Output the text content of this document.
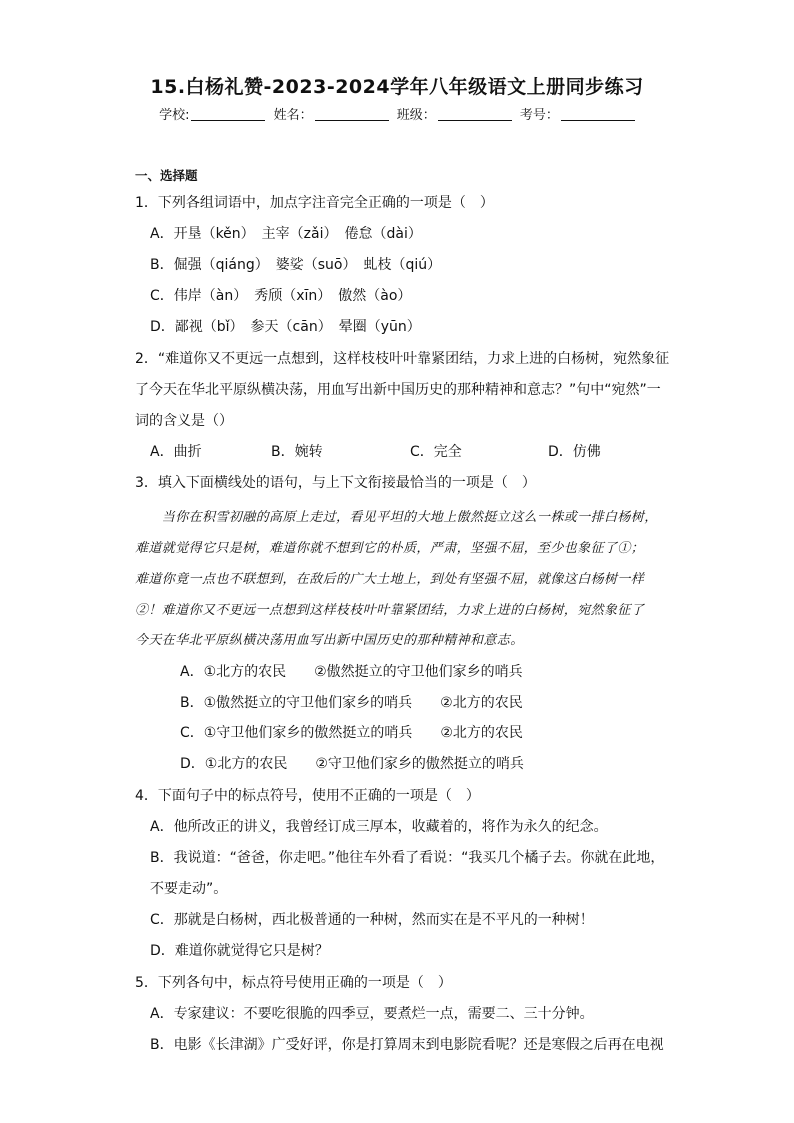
15.白杨礼赞-2023-2024学年八年级语文上册同步练习
学校:	姓名：	班级：	考号：
一、选择题
1．下列各组词语中，加点字注音完全正确的一项是（　）
A．开垦（kěn）　主宰（zǎi）　倦怠（dài）
B．倔强（qiáng）　婆娑（suō）　虬枝（qiú）
C．伟岸（àn）　秀颀（xīn）　傲然（ào）
D．鄙视（bǐ）　参天（cān）　晕圈（yūn）
2．“难道你又不更远一点想到，这样枝枝叶叶靠紧团结，力求上进的白杨树，宛然象征
了今天在华北平原纵横决荡，用血写出新中国历史的那种精神和意志？”句中“宛然”一
词的含义是（）
A．曲折	B．婉转	C．完全	D．仿佛
3．填入下面横线处的语句，与上下文衔接最恰当的一项是（　）
　　当你在积雪初融的高原上走过，看见平坦的大地上傲然挺立这么一株或一排白杨树，
难道就觉得它只是树，难道你就不想到它的朴质，严肃，坚强不屈，至少也象征了①；
难道你竟一点也不联想到，在敌后的广大土地上，到处有坚强不屈，就像这白杨树一样
②！难道你又不更远一点想到这样枝枝叶叶靠紧团结，力求上进的白杨树，宛然象征了
今天在华北平原纵横决荡用血写出新中国历史的那种精神和意志。
A．①北方的农民　　②傲然挺立的守卫他们家乡的哨兵
B．①傲然挺立的守卫他们家乡的哨兵　　②北方的农民
C．①守卫他们家乡的傲然挺立的哨兵　　②北方的农民
D．①北方的农民　　②守卫他们家乡的傲然挺立的哨兵
4．下面句子中的标点符号，使用不正确的一项是（　）
A．他所改正的讲义，我曾经订成三厚本，收藏着的，将作为永久的纪念。
B．我说道：“爸爸，你走吧。”他往车外看了看说：“我买几个橘子去。你就在此地，
不要走动”。
C．那就是白杨树，西北极普通的一种树，然而实在是不平凡的一种树！
D．难道你就觉得它只是树？
5．下列各句中，标点符号使用正确的一项是（　）
A．专家建议：不要吃很脆的四季豆，要煮烂一点，需要二、三十分钟。
B．电影《长津湖》广受好评，你是打算周末到电影院看呢？还是寒假之后再在电视
